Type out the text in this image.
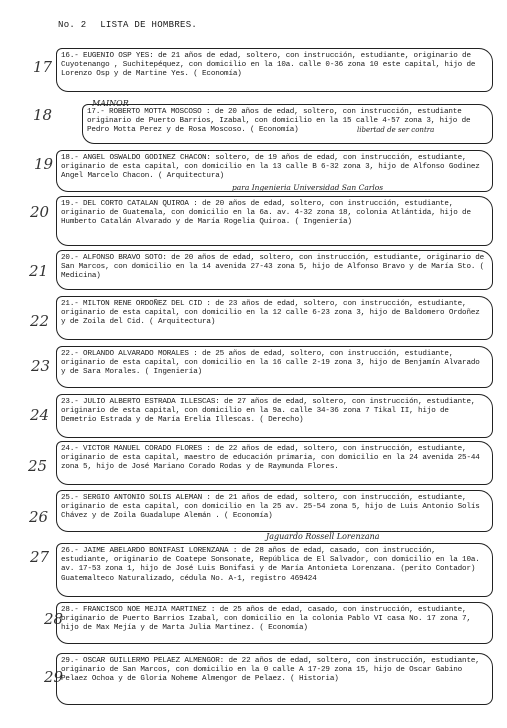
No. 2 LISTA DE HOMBRES.
17
18
19
20
21
22
23
24
25
26
27
28
29
MAINOR
libertad de ser contra
para Ingenieria Universidad San Carlos
Jaguardo Rossell Lorenzana
16.- EUGENIO OSP YES: de 21 años de edad, soltero, con instrucción, estudiante, originario de Cuyotenango , Suchitepéquez, con domicilio en la 10a. calle 0-36 zona 10 este capital, hijo de Lorenzo Osp y de Martine Yes. ( Economía)
17.- ROBERTO MOTTA MOSCOSO : de 20 años de edad, soltero, con instrucción, estudiante originario de Puerto Barrios, Izabal, con domicilio en la 15 calle 4-57 zona 3, hijo de Pedro Motta Perez y de Rosa Moscoso. ( Economía)
18.- ANGEL OSWALDO GODINEZ CHACON: soltero, de 19 años de edad, con instrucción, estudiante, originario de esta capital, con domicilio en la 13 calle B 6-32 zona 3, hijo de Alfonso Godinez Angel Marcelo Chacon. ( Arquitectura)
19.- DEL CORTO CATALAN QUIROA : de 20 años de edad, soltero, con instrucción, estudiante, originario de Guatemala, con domicilio en la 6a. av. 4-32 zona 18, colonia Atlántida, hijo de Humberto Catalán Alvarado y de María Rogelia Quiroa. ( Ingeniería)
20.- ALFONSO BRAVO SOTO: de 20 años de edad, soltero, con instrucción, estudiante, originario de San Marcos, con domicilio en la 14 avenida 27-43 zona 5, hijo de Alfonso Bravo y de María Sto. ( Medicina)
21.- MILTON RENE ORDOÑEZ DEL CID : de 23 años de edad, soltero, con instrucción, estudiante, originario de esta capital, con domicilio en la 12 calle 6-23 zona 3, hijo de Baldomero Ordoñez y de Zoila del Cid. ( Arquitectura)
22.- ORLANDO ALVARADO MORALES : de 25 años de edad, soltero, con instrucción, estudiante, originario de esta capital, con domicilio en la 16 calle 2-19 zona 3, hijo de Benjamín Alvarado y de Sara Morales. ( Ingeniería)
23.- JULIO ALBERTO ESTRADA ILLESCAS: de 27 años de edad, soltero, con instrucción, estudiante, originario de esta capital, con domicilio en la 9a. calle 34-36 zona 7 Tikal II, hijo de Demetrio Estrada y de María Erelia Illescas. ( Derecho)
24.- VICTOR MANUEL CORADO FLORES : de 22 años de edad, soltero, con instrucción, estudiante, originario de esta capital, maestro de educación primaria, con domicilio en la 24 avenida 25-44 zona 5, hijo de José Mariano Corado Rodas y de Raymunda Flores.
25.- SERGIO ANTONIO SOLIS ALEMAN : de 21 años de edad, soltero, con instrucción, estudiante, originario de esta capital, con domicilio en la 25 av. 25-54 zona 5, hijo de Luis Antonio Solís Chávez y de Zoila Guadalupe Alemán . ( Economía)
26.- JAIME ABELARDO BONIFASI LORENZANA : de 28 años de edad, casado, con instrucción, estudiante, originario de Coatepe Sonsonate, República de El Salvador, con domicilio en la 10a. av. 17-53 zona 1, hijo de José Luis Bonifasi y de María Antonieta Lorenzana. (perito Contador) Guatemalteco Naturalizado, cédula No. A-1, registro 469424
28.- FRANCISCO NOE MEJIA MARTINEZ : de 25 años de edad, casado, con instrucción, estudiante, originario de Puerto Barrios Izabal, con domicilio en la colonia Pablo VI casa No. 17 zona 7, hijo de Max Mejía y de Marta Julia Martinez. ( Economía)
29.- OSCAR GUILLERMO PELAEZ ALMENGOR: de 22 años de edad, soltero, con instrucción, estudiante, originario de San Marcos, con domicilio en la 0 calle A 17-29 zona 15, hijo de Oscar Gabino Pelaez Ochoa y de Gloria Noheme Almengor de Pelaez. ( Historia)
